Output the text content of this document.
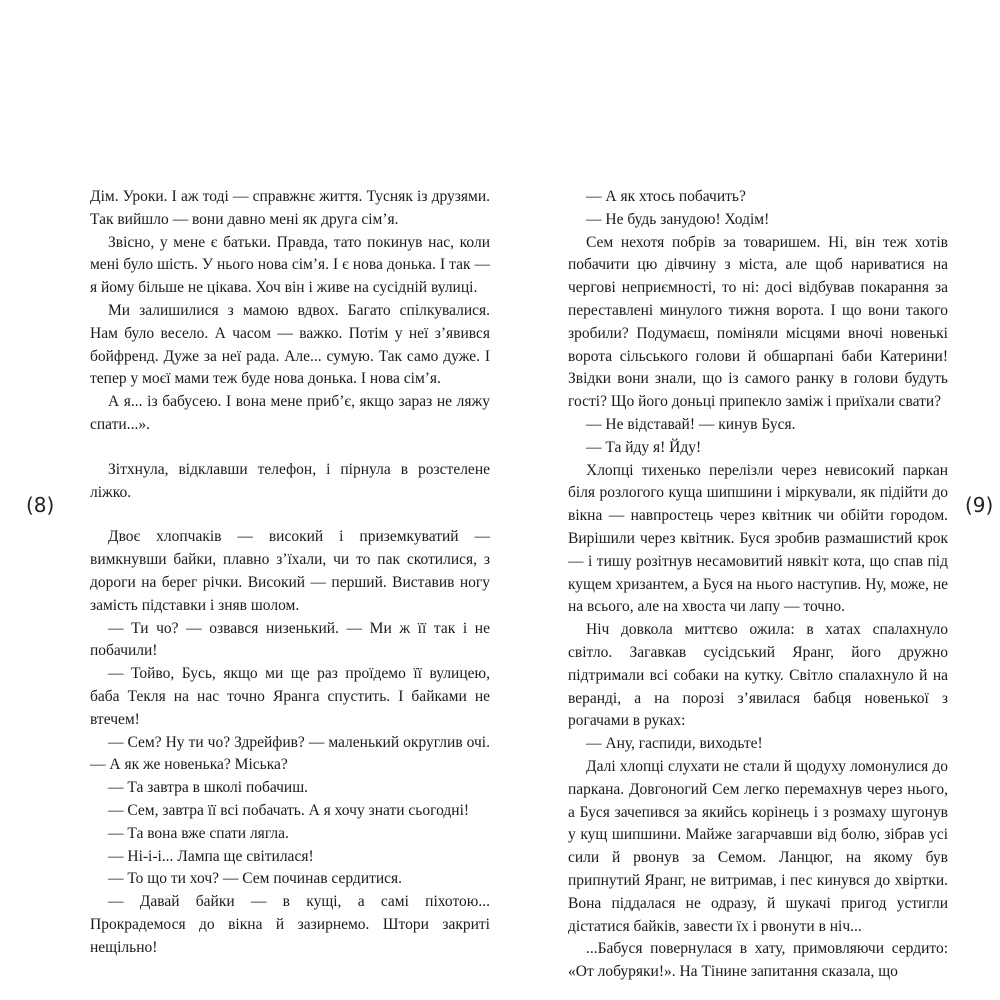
(8)	(9)

Дім. Уроки. І аж тоді — справжнє життя. Тусняк із друзями. Так вийшло — вони давно мені як друга сім’я.

Звісно, у мене є батьки. Правда, тато покинув нас, коли мені було шість. У нього нова сім’я. І є нова донька. І так — я йому більше не цікава. Хоч він і живе на сусідній вулиці.

Ми залишилися з мамою вдвох. Багато спілкувалися. Нам було весело. А часом — важко. Потім у неї з’явився бойфренд. Дуже за неї рада. Але... сумую. Так само дуже. І тепер у моєї мами теж буде нова донька. І нова сім’я.

А я... із бабусею. І вона мене приб’є, якщо зараз не ляжу спати...».

Зітхнула, відклавши телефон, і пірнула в розстелене ліжко.

Двоє хлопчаків — високий і приземкуватий — вимкнувши байки, плавно з’їхали, чи то пак скотилися, з дороги на берег річки. Високий — перший. Виставив ногу замість підставки і зняв шолом.

— Ти чо? — озвався низенький. — Ми ж її так і не побачили!

— Тойво, Бусь, якщо ми ще раз проїдемо її вулицею, баба Текля на нас точно Яранга спустить. І байками не втечем!

— Сем? Ну ти чо? Здрейфив? — маленький округлив очі. — А як же новенька? Міська?

— Та завтра в школі побачиш.

— Сем, завтра її всі побачать. А я хочу знати сьогодні!

— Та вона вже спати лягла.

— Ні-і-і... Лампа ще світилася!

— То що ти хоч? — Сем починав сердитися.

— Давай байки — в кущі, а самі піхотою... Прокрадемося до вікна й зазирнемо. Штори закриті нещільно!

— А як хтось побачить?

— Не будь занудою! Ходім!

Сем нехотя побрів за товаришем. Ні, він теж хотів побачити цю дівчину з міста, але щоб нариватися на чергові неприємності, то ні: досі відбував покарання за переставлені минулого тижня ворота. І що вони такого зробили? Подумаєш, поміняли місцями вночі новенькі ворота сільського голови й обшарпані баби Катерини! Звідки вони знали, що із самого ранку в голови будуть гості? Що його доньці припекло заміж і приїхали свати?

— Не відставай! — кинув Буся.

— Та йду я! Йду!

Хлопці тихенько перелізли через невисокий паркан біля розлогого куща шипшини і міркували, як підійти до вікна — навпростець через квітник чи обійти городом. Вирішили через квітник. Буся зробив размашистий крок — і тишу розітнув несамовитий нявкіт кота, що спав під кущем хризантем, а Буся на нього наступив. Ну, може, не на всього, але на хвоста чи лапу — точно.

Ніч довкола миттєво ожила: в хатах спалахнуло світло. Загавкав сусідський Яранг, його дружно підтримали всі собаки на кутку. Світло спалахнуло й на веранді, а на порозі з’явилася бабця новенької з рогачами в руках:

— Ану, гаспиди, виходьте!

Далі хлопці слухати не стали й щодуху ломонулися до паркана. Довгоногий Сем легко перемахнув через нього, а Буся зачепився за якийсь корінець і з розмаху шугонув у кущ шипшини. Майже загарчавши від болю, зібрав усі сили й рвонув за Семом. Ланцюг, на якому був припнутий Яранг, не витримав, і пес кинувся до хвіртки. Вона піддалася не одразу, й шукачі пригод устигли дістатися байків, завести їх і рвонути в ніч...

...Бабуся повернулася в хату, примовляючи сердито: «От лобуряки!». На Тінине запитання сказала, що
